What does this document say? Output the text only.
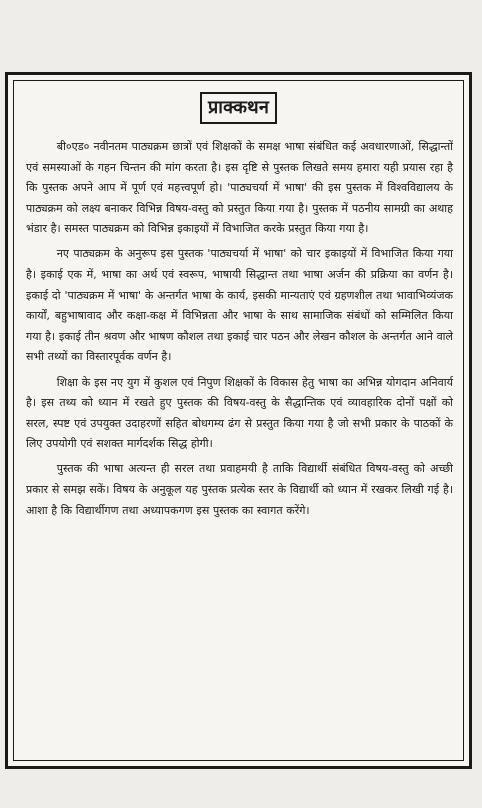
प्राक्कथन

बी०एड० नवीनतम पाठ्यक्रम छात्रों एवं शिक्षकों के समक्ष भाषा संबंधित कई अवधारणाओं, सिद्धान्तों एवं समस्याओं के गहन चिन्तन की मांग करता है। इस दृष्टि से पुस्तक लिखते समय हमारा यही प्रयास रहा है कि पुस्तक अपने आप में पूर्ण एवं महत्त्वपूर्ण हो। 'पाठ्यचर्या में भाषा' की इस पुस्तक में विश्वविद्यालय के पाठ्यक्रम को लक्ष्य बनाकर विभिन्न विषय-वस्तु को प्रस्तुत किया गया है। पुस्तक में पठनीय सामग्री का अथाह भंडार है। समस्त पाठ्यक्रम को विभिन्न इकाइयों में विभाजित करके प्रस्तुत किया गया है।

नए पाठ्यक्रम के अनुरूप इस पुस्तक 'पाठ्यचर्या में भाषा' को चार इकाइयों में विभाजित किया गया है। इकाई एक में, भाषा का अर्थ एवं स्वरूप, भाषायी सिद्धान्त तथा भाषा अर्जन की प्रक्रिया का वर्णन है। इकाई दो 'पाठ्यक्रम में भाषा' के अन्तर्गत भाषा के कार्य, इसकी मान्यताएं एवं ग्रहणशील तथा भावाभिव्यंजक कार्यों, बहुभाषावाद और कक्षा-कक्ष में विभिन्नता और भाषा के साथ सामाजिक संबंधों को सम्मिलित किया गया है। इकाई तीन श्रवण और भाषण कौशल तथा इकाई चार पठन और लेखन कौशल के अन्तर्गत आने वाले सभी तथ्यों का विस्तारपूर्वक वर्णन है।

शिक्षा के इस नए युग में कुशल एवं निपुण शिक्षकों के विकास हेतु भाषा का अभिन्न योगदान अनिवार्य है। इस तथ्य को ध्यान में रखते हुए पुस्तक की विषय-वस्तु के सैद्धान्तिक एवं व्यावहारिक दोनों पक्षों को सरल, स्पष्ट एवं उपयुक्त उदाहरणों सहित बोधगम्य ढंग से प्रस्तुत किया गया है जो सभी प्रकार के पाठकों के लिए उपयोगी एवं सशक्त मार्गदर्शक सिद्ध होगी।

पुस्तक की भाषा अत्यन्त ही सरल तथा प्रवाहमयी है ताकि विद्यार्थी संबंधित विषय-वस्तु को अच्छी प्रकार से समझ सकें। विषय के अनुकूल यह पुस्तक प्रत्येक स्तर के विद्यार्थी को ध्यान में रखकर लिखी गई है। आशा है कि विद्यार्थीगण तथा अध्यापकगण इस पुस्तक का स्वागत करेंगे।
